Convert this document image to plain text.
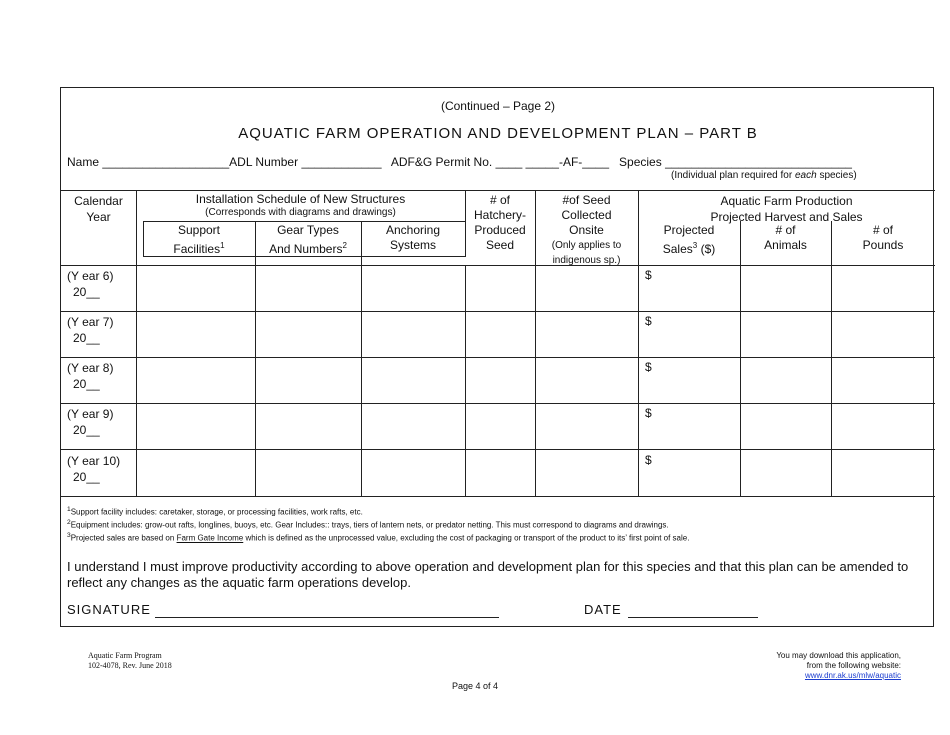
(Continued – Page 2)
AQUATIC FARM OPERATION AND DEVELOPMENT PLAN – PART B
Name ___________________ADL Number ____________ ADF&G Permit No. ____ _____-AF-____ Species ____________________________
(Individual plan required for each species)
Calendar
Year
Installation Schedule of New Structures
(Corresponds with diagrams and drawings)
Support
Facilities$^1$
Gear Types
And Numbers$^2$
Anchoring
Systems
# of
Hatchery-
Produced
Seed
#of Seed
Collected
Onsite
(Only applies to
indigenous sp.)
Aquatic Farm Production
Projected Harvest and Sales
Projected
Sales$^3$ ($)
# of
Animals
# of
Pounds
(Y ear 6)
20__
(Y ear 7)
20__
(Y ear 8)
20__
(Y ear 9)
20__
(Y ear 10)
20__
$
$
$
$
$
$^1$Support facility includes: caretaker, storage, or processing facilities, work rafts, etc.
$^2$Equipment includes: grow-out rafts, longlines, buoys, etc. Gear Includes:: trays, tiers of lantern nets, or predator netting. This must correspond to diagrams and drawings.
$^3$Projected sales are based on Farm Gate Income which is defined as the unprocessed value, excluding the cost of packaging or transport of the product to its’ first point of sale.
I understand I must improve productivity according to above operation and development plan for this species and that this plan can be amended to
reflect any changes as the aquatic farm operations develop.
SIGNATURE	DATE
Aquatic Farm Program
102-4078, Rev. June 2018
Page 4 of 4
You may download this application,
from the following website:
www.dnr.ak.us/mlw/aquatic
